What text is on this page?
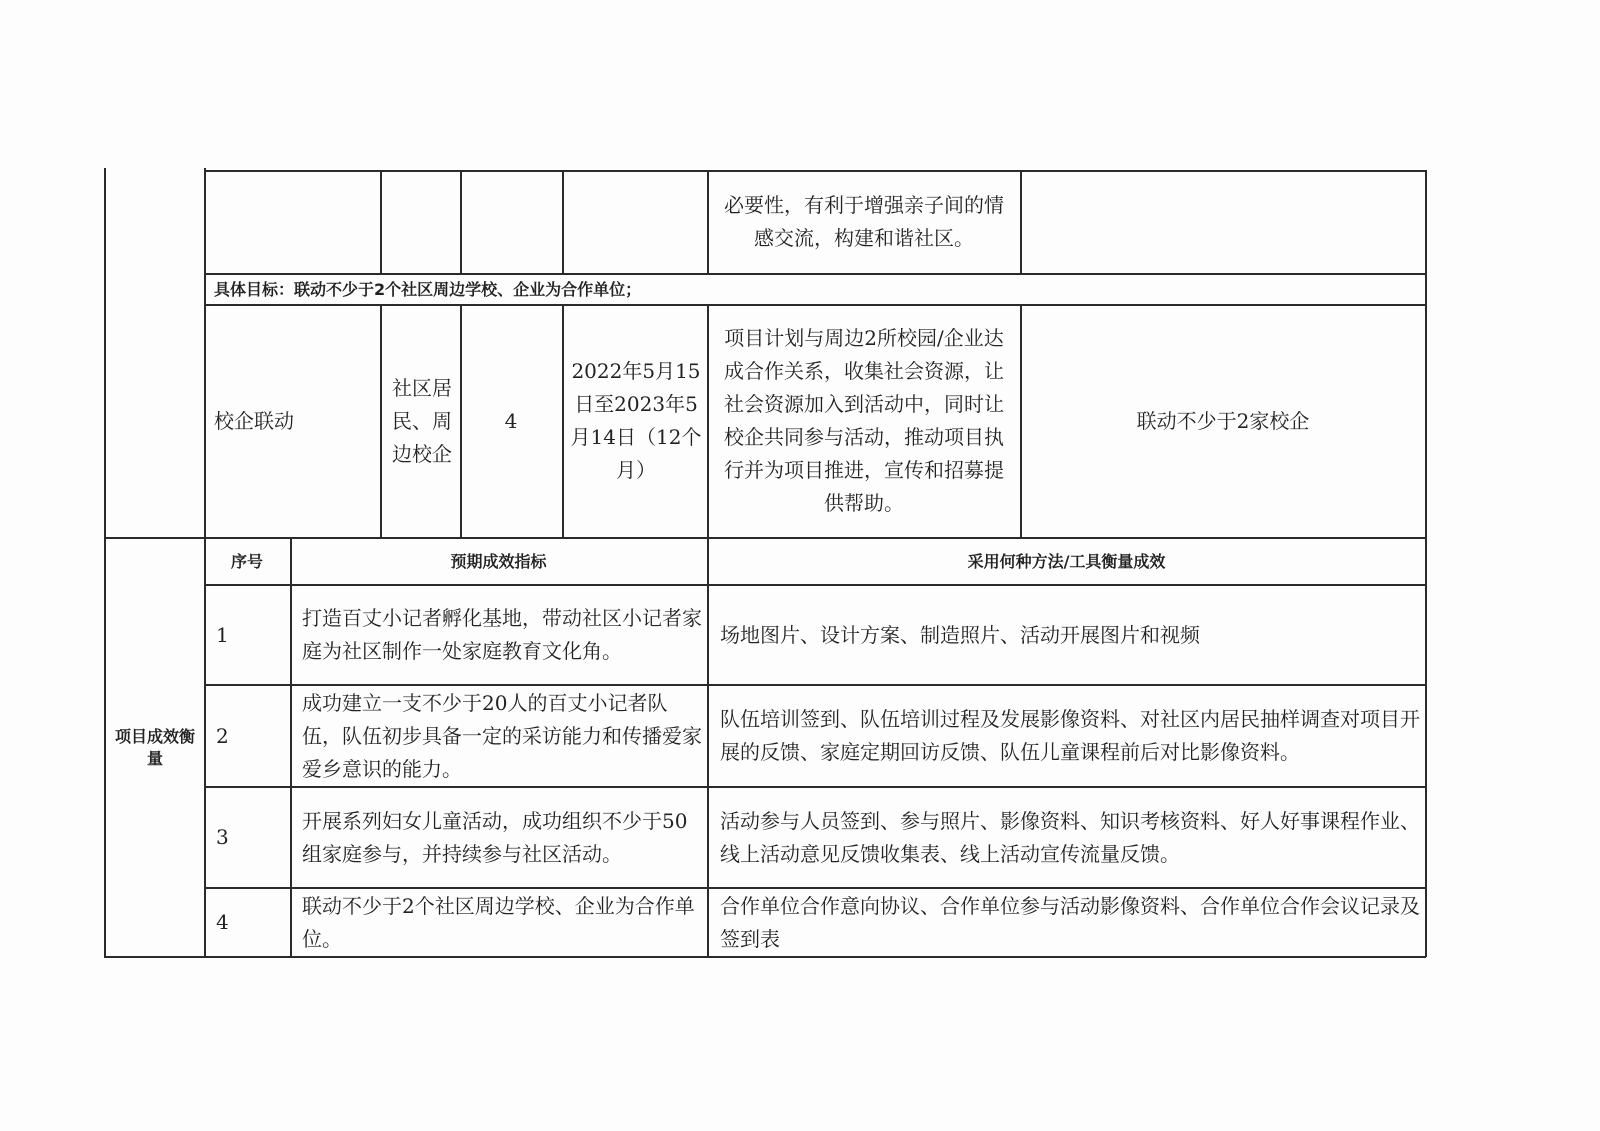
必要性，有利于增强亲子间的情感交流，构建和谐社区。
具体目标：联动不少于2个社区周边学校、企业为合作单位；
校企联动
社区居民、周边校企
4
2022年5月15日至2023年5月14日（12个月）
项目计划与周边2所校园/企业达成合作关系，收集社会资源，让社会资源加入到活动中，同时让校企共同参与活动，推动项目执行并为项目推进，宣传和招募提供帮助。
联动不少于2家校企
项目成效衡量
序号	预期成效指标	采用何种方法/工具衡量成效
1
打造百丈小记者孵化基地，带动社区小记者家庭为社区制作一处家庭教育文化角。
场地图片、设计方案、制造照片、活动开展图片和视频
2
成功建立一支不少于20人的百丈小记者队伍，队伍初步具备一定的采访能力和传播爱家爱乡意识的能力。
队伍培训签到、队伍培训过程及发展影像资料、对社区内居民抽样调查对项目开展的反馈、家庭定期回访反馈、队伍儿童课程前后对比影像资料。
3
开展系列妇女儿童活动，成功组织不少于50组家庭参与，并持续参与社区活动。
活动参与人员签到、参与照片、影像资料、知识考核资料、好人好事课程作业、线上活动意见反馈收集表、线上活动宣传流量反馈。
4
联动不少于2个社区周边学校、企业为合作单位。
合作单位合作意向协议、合作单位参与活动影像资料、合作单位合作会议记录及签到表
